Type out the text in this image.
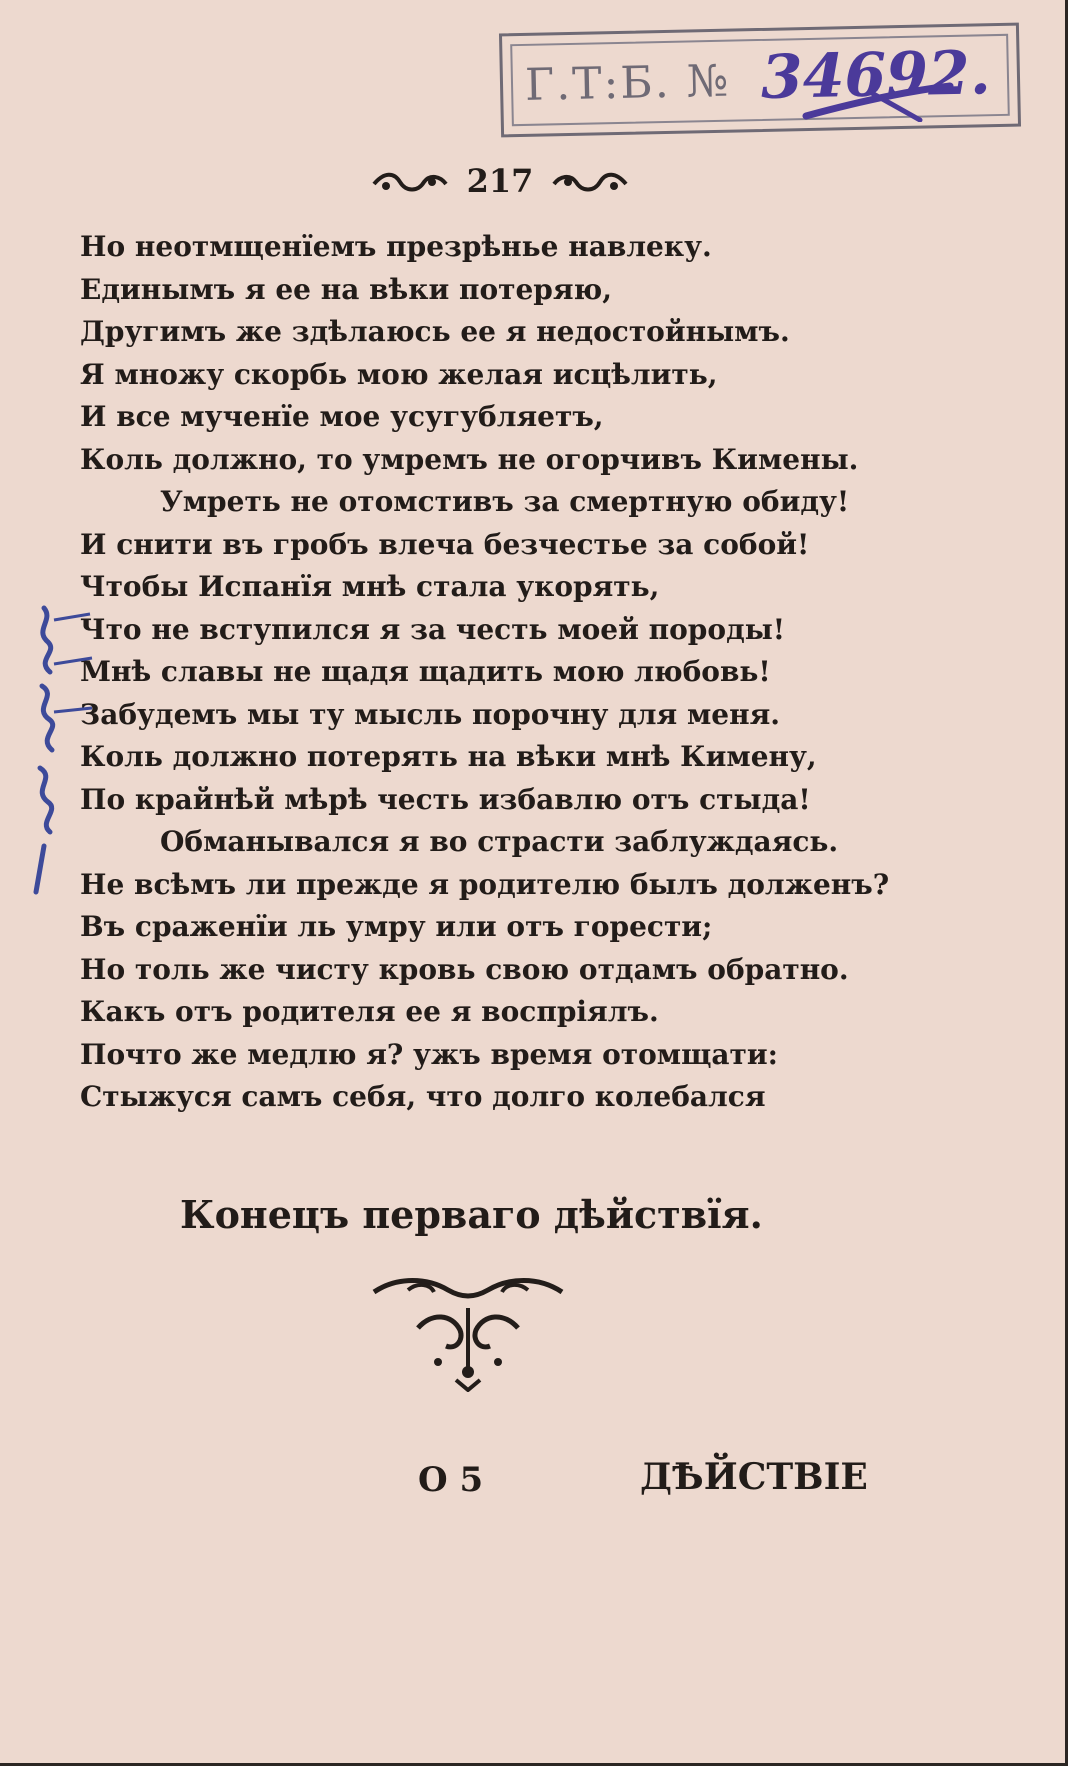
Г.Т:Б. № 34692.
217
Но неотмщенїемъ презрѣнье навлеку.
Единымъ я ее на вѣки потеряю,
Другимъ же здѣлаюсь ее я недостойнымъ.
Я множу скорбь мою желая исцѣлить,
И все мученїе мое усугубляетъ,
Коль должно, то умремъ не огорчивъ Кимены.
Умреть не отомстивъ за смертную обиду!
И снити въ гробъ влеча безчестье за собой!
Чтобы Испанїя мнѣ стала укорять,
Что не вступился я за честь моей породы!
Мнѣ славы не щадя щадить мою любовь!
Забудемъ мы ту мысль порочну для меня.
Коль должно потерять на вѣки мнѣ Кимену,
По крайнѣй мѣрѣ честь избавлю отъ стыда!
Обманывался я во страсти заблуждаясь.
Не всѣмъ ли прежде я родителю былъ долженъ?
Въ сраженїи ль умру или отъ горести;
Но толь же чисту кровь свою отдамъ обратно.
Какъ отъ родителя ее я воспрiялъ.
Почто же медлю я? ужъ время отомщати:
Стыжуся самъ себя, что долго колебался
Конецъ перваго дѣйствїя.
О 5	ДѢЙСТВІЕ
